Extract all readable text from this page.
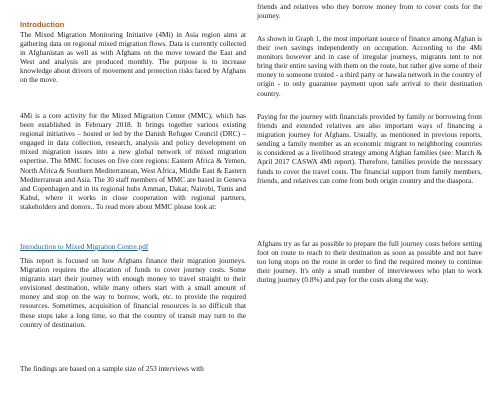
Introduction

The Mixed Migration Monitoring Initiative (4Mi) in Asia region aims at gathering data on regional mixed migration flows. Data is currently collected in Afghanistan as well as with Afghans on the move toward the East and West and analysis are produced monthly. The purpose is to increase knowledge about drivers of movement and protection risks faced by Afghans on the move.

4Mi is a core activity for the Mixed Migration Center (MMC), which has been established in February 2018. It brings together various existing regional initiatives – hosted or led by the Danish Refugee Council (DRC) – engaged in data collection, research, analysis and policy development on mixed migration issues into a new global network of mixed migration expertise. The MMC focuses on five core regions: Eastern Africa & Yemen, North Africa & Southern Mediterranean, West Africa, Middle East & Eastern Mediterranean and Asia. The 30 staff members of MMC are based in Geneva and Copenhagen and in its regional hubs Amman, Dakar, Nairobi, Tunis and Kabul, where it works in close cooperation with regional partners, stakeholders and donors.. To read more about MMC please look at:

Introduction to Mixed Migration Centre.pdf

This report is focused on how Afghans finance their migration journeys. Migration requires the allocation of funds to cover journey costs. Some migrants start their journey with enough money to travel straight to their envisioned destination, while many others start with a small amount of money and stop on the way to borrow, work, etc. to provide the required resources. Sometimes, acquisition of financial resources is so difficult that these stops take a long time, so that the country of transit may turn to the country of destination.

The findings are based on a sample size of 253 interviews with

friends and relatives who they borrow money from to cover costs for the journey.

As shown in Graph 1, the most important source of finance among Afghan is their own savings independently on occupation. According to the 4Mi monitors however and in case of irregular journeys, migrants tent to not bring their entire saving with them on the route, but rather give some of their money to someone trusted - a third party or hawala network in the country of origin - to only guarantee payment upon safe arrival to their destination country.

Paying for the journey with financials provided by family or borrowing from friends and extended relatives are also important ways of financing a migration journey for Afghans. Usually, as mentioned in previous reports, sending a family member as an economic migrant to neighboring countries is considered as a livelihood strategy among Afghan families (see: March & April 2017 CASWA 4Mi report). Therefore, families provide the necessary funds to cover the travel costs. The financial support from family members, friends, and relatives can come from both origin country and the diaspora.

Afghans try as far as possible to prepare the full journey costs before setting foot on route to reach to their destination as soon as possible and not have too long stops on the route in order to find the required money to continue their journey. It's only a small number of interviewees who plan to work during journey (0.8%) and pay for the costs along the way.
